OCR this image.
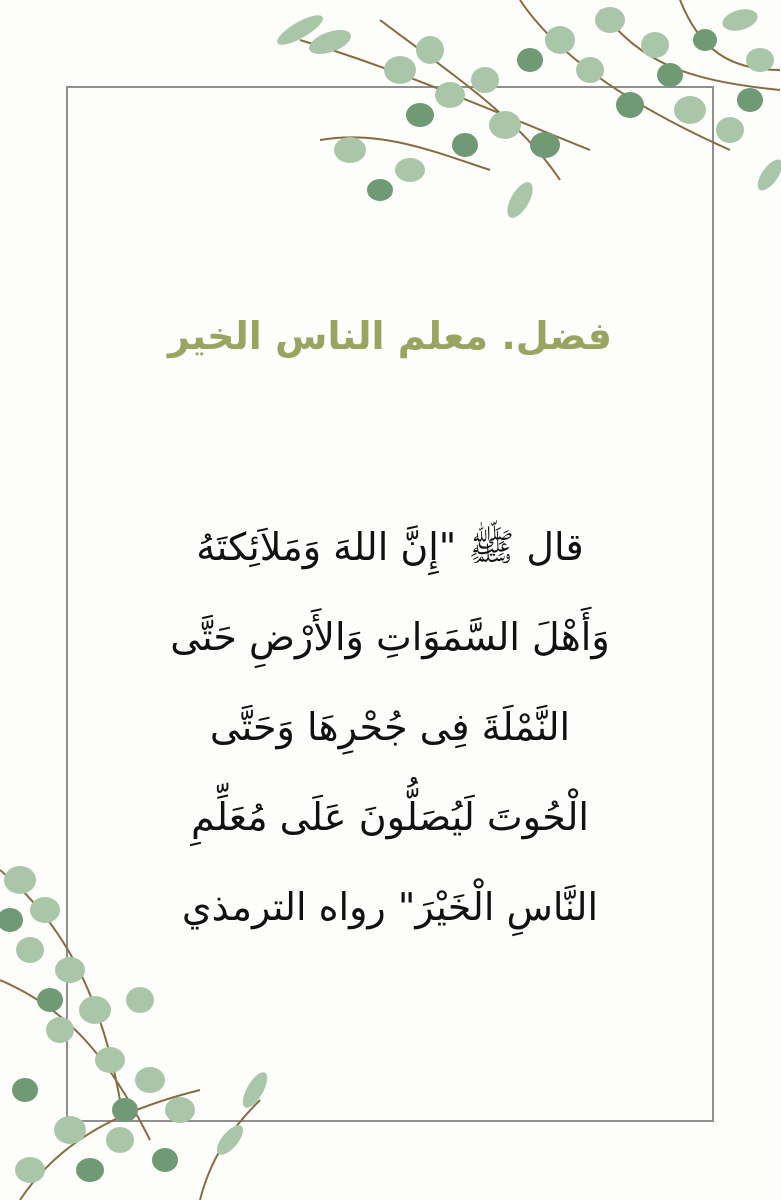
فضل. معلم الناس الخير
قال ﷺ "إِنَّ اللهَ وَمَلاَئِكتَهُ
وَأَهْلَ السَّمَوَاتِ وَالأَرْضِ حَتَّى
النَّمْلَةَ فِى جُحْرِهَا وَحَتَّى
الْحُوتَ لَيُصَلُّونَ عَلَى مُعَلِّمِ
النَّاسِ الْخَيْرَ" رواه الترمذي
